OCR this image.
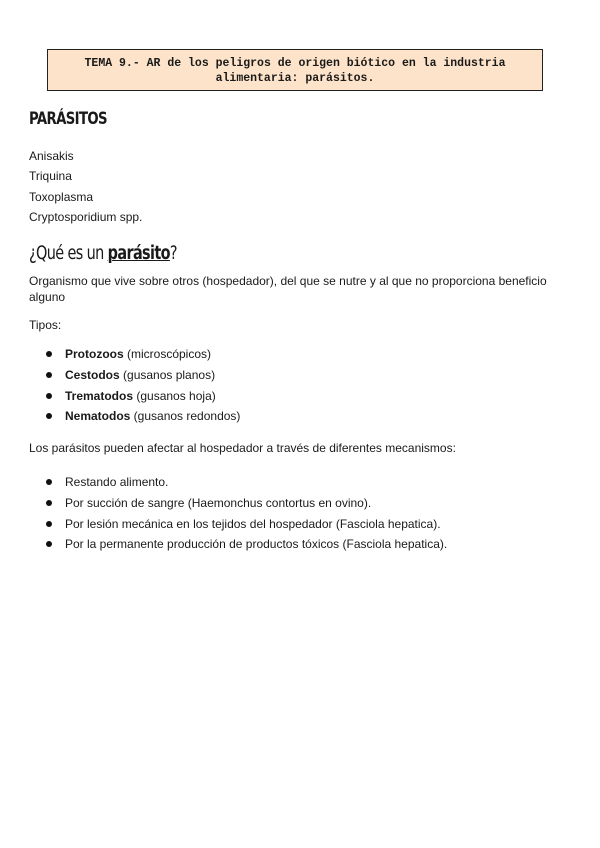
TEMA 9.- AR de los peligros de origen biótico en la industria
alimentaria: parásitos.
PARÁSITOS
Anisakis
Triquina
Toxoplasma
Cryptosporidium spp.
¿Qué es un parásito?
Organismo que vive sobre otros (hospedador), del que se nutre y al que no proporciona beneficio alguno
Tipos:
Protozoos (microscópicos)
Cestodos (gusanos planos)
Trematodos (gusanos hoja)
Nematodos (gusanos redondos)
Los parásitos pueden afectar al hospedador a través de diferentes mecanismos:
Restando alimento.
Por succión de sangre (Haemonchus contortus en ovino).
Por lesión mecánica en los tejidos del hospedador (Fasciola hepatica).
Por la permanente producción de productos tóxicos (Fasciola hepatica).
